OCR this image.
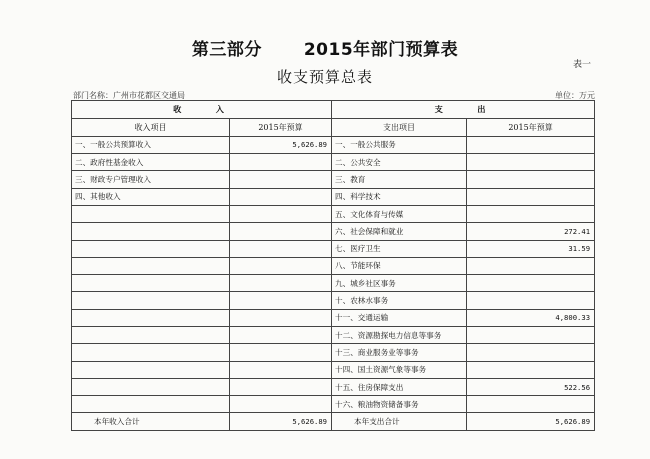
第三部分 2015年部门预算表
表一
收支预算总表
部门名称：广州市花都区交通局	单位：万元
收　　入		支　　出	
收入项目	2015年预算	支出项目	2015年预算
一、一般公共预算收入	5,626.89	一、一般公共服务	
二、政府性基金收入		二、公共安全	
三、财政专户管理收入		三、教育	
四、其他收入		四、科学技术	
		五、文化体育与传媒	
		六、社会保障和就业	272.41
		七、医疗卫生	31.59
		八、节能环保	
		九、城乡社区事务	
		十、农林水事务	
		十一、交通运输	4,800.33
		十二、资源勘探电力信息等事务	
		十三、商业服务业等事务	
		十四、国土资源气象等事务	
		十五、住房保障支出	522.56
		十六、粮油物资储备事务	
本年收入合计	5,626.89	本年支出合计	5,626.89
